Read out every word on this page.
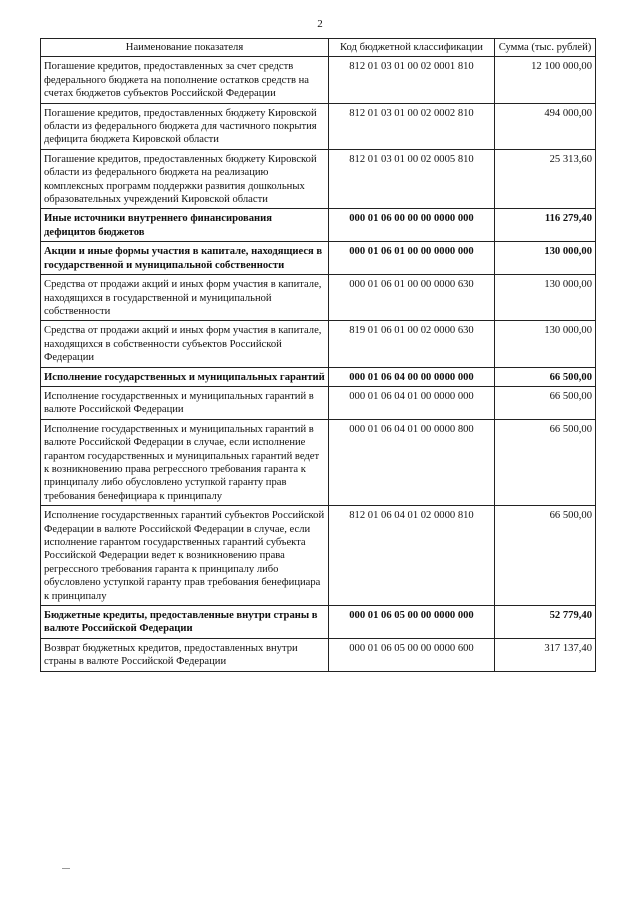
2
Наименование показателя	Код бюджетной классификации	Сумма (тыс. рублей)
Погашение кредитов, предоставленных за счет средств федерального бюджета на пополнение остатков средств на счетах бюджетов субъектов Российской Федерации	812 01 03 01 00 02 0001 810	12 100 000,00
Погашение кредитов, предоставленных бюджету Кировской области из федерального бюджета для частичного покрытия дефицита бюджета Кировской области	812 01 03 01 00 02 0002 810	494 000,00
Погашение кредитов, предоставленных бюджету Кировской области из федерального бюджета на реализацию комплексных программ поддержки развития дошкольных образовательных учреждений Кировской области	812 01 03 01 00 02 0005 810	25 313,60
Иные источники внутреннего финансирования дефицитов бюджетов	000 01 06 00 00 00 0000 000	116 279,40
Акции и иные формы участия в капитале, находящиеся в государственной и муниципальной собственности	000 01 06 01 00 00 0000 000	130 000,00
Средства от продажи акций и иных форм участия в капитале, находящихся в государственной и муниципальной собственности	000 01 06 01 00 00 0000 630	130 000,00
Средства от продажи акций и иных форм участия в капитале, находящихся в собственности субъектов Российской Федерации	819 01 06 01 00 02 0000 630	130 000,00
Исполнение государственных и муниципальных гарантий	000 01 06 04 00 00 0000 000	66 500,00
Исполнение государственных и муниципальных гарантий в валюте Российской Федерации	000 01 06 04 01 00 0000 000	66 500,00
Исполнение государственных и муниципальных гарантий в валюте Российской Федерации в случае, если исполнение гарантом государственных и муниципальных гарантий ведет к возникновению права регрессного требования гаранта к принципалу либо обусловлено уступкой гаранту прав требования бенефициара к принципалу	000 01 06 04 01 00 0000 800	66 500,00
Исполнение государственных гарантий субъектов Российской Федерации в валюте Российской Федерации в случае, если исполнение гарантом государственных гарантий субъекта Российской Федерации ведет к возникновению права регрессного требования гаранта к принципалу либо обусловлено уступкой гаранту прав требования бенефициара к принципалу	812 01 06 04 01 02 0000 810	66 500,00
Бюджетные кредиты, предоставленные внутри страны в валюте Российской Федерации	000 01 06 05 00 00 0000 000	52 779,40
Возврат бюджетных кредитов, предоставленных внутри страны в валюте Российской Федерации	000 01 06 05 00 00 0000 600	317 137,40
